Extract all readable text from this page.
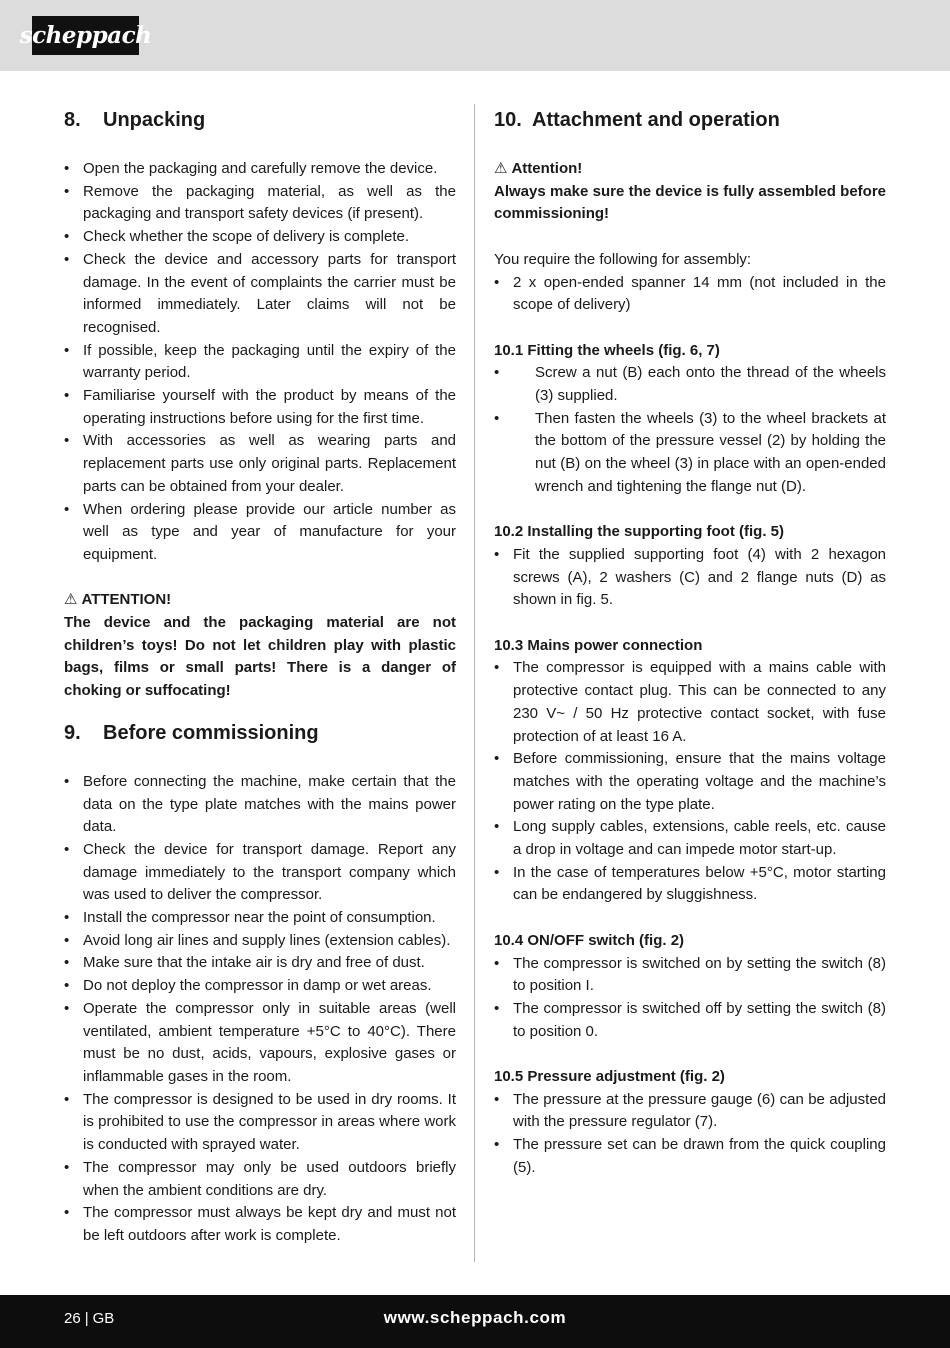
scheppach
8.	Unpacking
• Open the packaging and carefully remove the device.
• Remove the packaging material, as well as the packaging and transport safety devices (if present).
• Check whether the scope of delivery is complete.
• Check the device and accessory parts for transport damage. In the event of complaints the carrier must be informed immediately. Later claims will not be recognised.
• If possible, keep the packaging until the expiry of the warranty period.
• Familiarise yourself with the product by means of the operating instructions before using for the first time.
• With accessories as well as wearing parts and replacement parts use only original parts. Replacement parts can be obtained from your dealer.
• When ordering please provide our article number as well as type and year of manufacture for your equipment.

⚠ ATTENTION!

The device and the packaging material are not children’s toys! Do not let children play with plastic bags, films or small parts! There is a danger of choking or suffocating!

9.	Before commissioning
• Before connecting the machine, make certain that the data on the type plate matches with the mains power data.
• Check the device for transport damage. Report any damage immediately to the transport company which was used to deliver the compressor.
• Install the compressor near the point of consumption.
• Avoid long air lines and supply lines (extension cables).
• Make sure that the intake air is dry and free of dust.
• Do not deploy the compressor in damp or wet areas.
• Operate the compressor only in suitable areas (well ventilated, ambient temperature +5°C to 40°C). There must be no dust, acids, vapours, explosive gases or inflammable gases in the room.
• The compressor is designed to be used in dry rooms. It is prohibited to use the compressor in areas where work is conducted with sprayed water.
• The compressor may only be used outdoors briefly when the ambient conditions are dry.
• The compressor must always be kept dry and must not be left outdoors after work is complete.
10. Attachment and operation

⚠ Attention!

Always make sure the device is fully assembled before commissioning!

You require the following for assembly:

• 2 x open-ended spanner 14 mm (not included in the scope of delivery)
10.1 Fitting the wheels (fig. 6, 7)
• Screw a nut (B) each onto the thread of the wheels (3) supplied.
• Then fasten the wheels (3) to the wheel brackets at the bottom of the pressure vessel (2) by holding the nut (B) on the wheel (3) in place with an open-ended wrench and tightening the flange nut (D).
10.2 Installing the supporting foot (fig. 5)
• Fit the supplied supporting foot (4) with 2 hexagon screws (A), 2 washers (C) and 2 flange nuts (D) as shown in fig. 5.
10.3 Mains power connection
• The compressor is equipped with a mains cable with protective contact plug. This can be connected to any 230 V~ / 50 Hz protective contact socket, with fuse protection of at least 16 A.
• Before commissioning, ensure that the mains voltage matches with the operating voltage and the machine’s power rating on the type plate.
• Long supply cables, extensions, cable reels, etc. cause a drop in voltage and can impede motor start-up.
• In the case of temperatures below +5°C, motor starting can be endangered by sluggishness.
10.4 ON/OFF switch (fig. 2)
• The compressor is switched on by setting the switch (8) to position I.
• The compressor is switched off by setting the switch (8) to position 0.
10.5 Pressure adjustment (fig. 2)
• The pressure at the pressure gauge (6) can be adjusted with the pressure regulator (7).
• The pressure set can be drawn from the quick coupling (5).
26 | GB	www.scheppach.com
